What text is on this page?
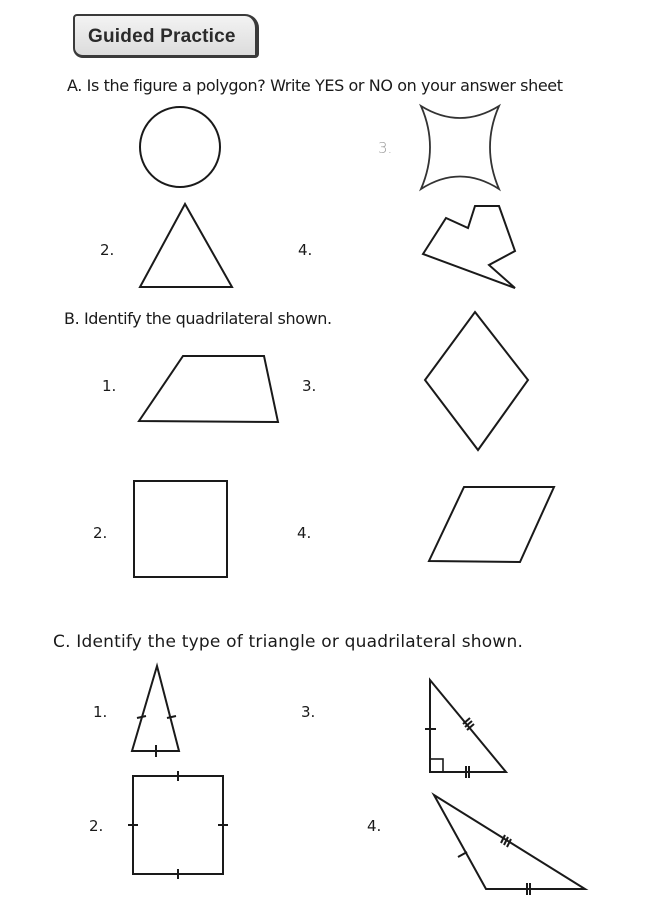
Guided Practice
A. Is the figure a polygon? Write YES or NO on your answer sheet
B. Identify the quadrilateral shown.
C. Identify the type of triangle or quadrilateral shown.
2.
3.
4.
1.
2.
3.
4.
1.
2.
3.
4.
